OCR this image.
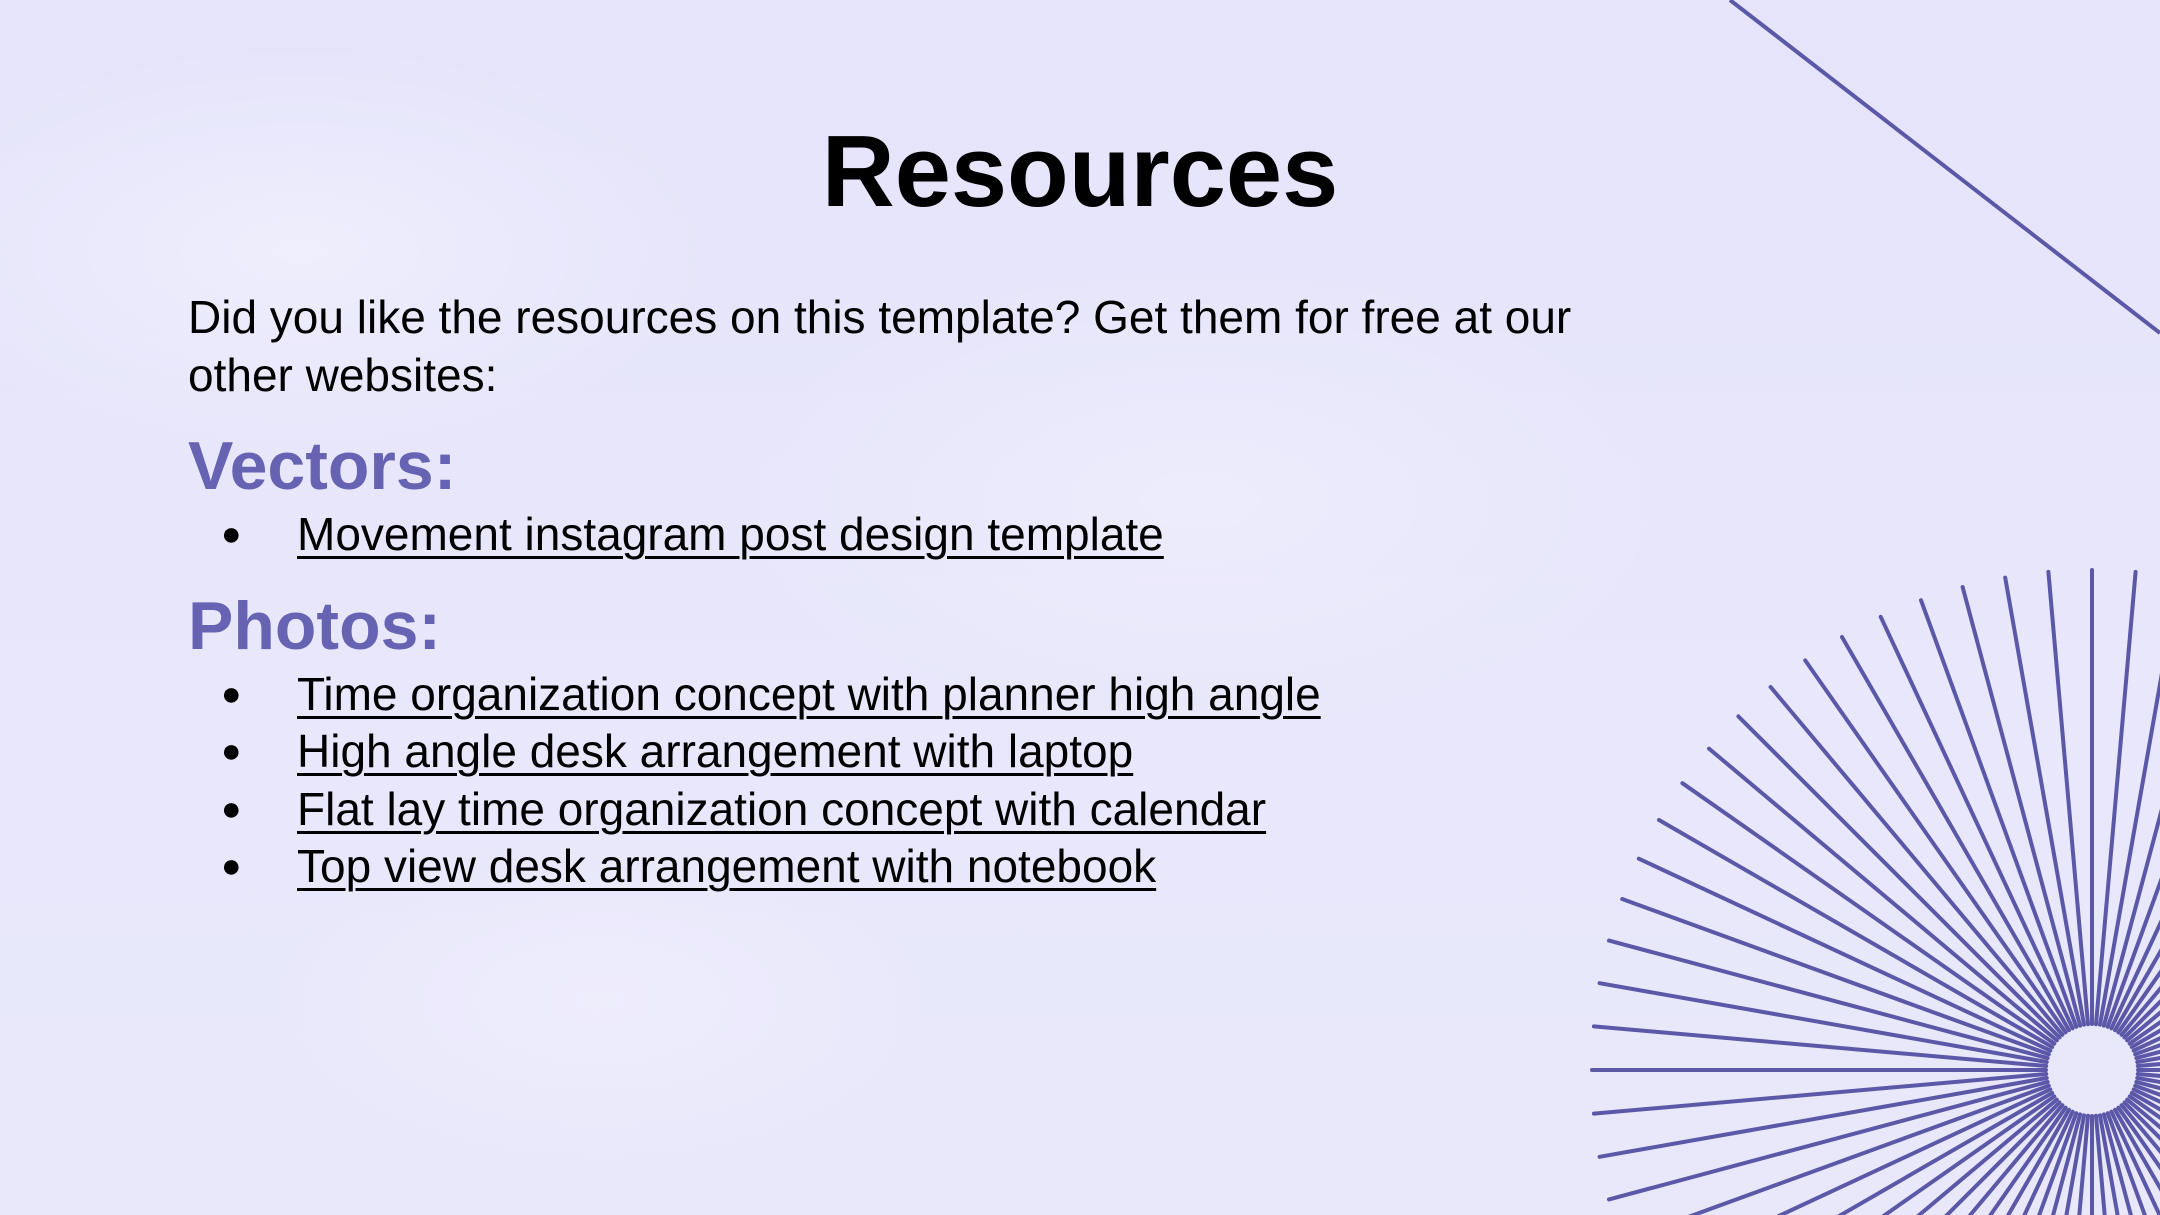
Resources

Did you like the resources on this template? Get them for free at our other websites:

Vectors:
● Movement instagram post design template
Photos:
● Time organization concept with planner high angle
● High angle desk arrangement with laptop
● Flat lay time organization concept with calendar
● Top view desk arrangement with notebook
